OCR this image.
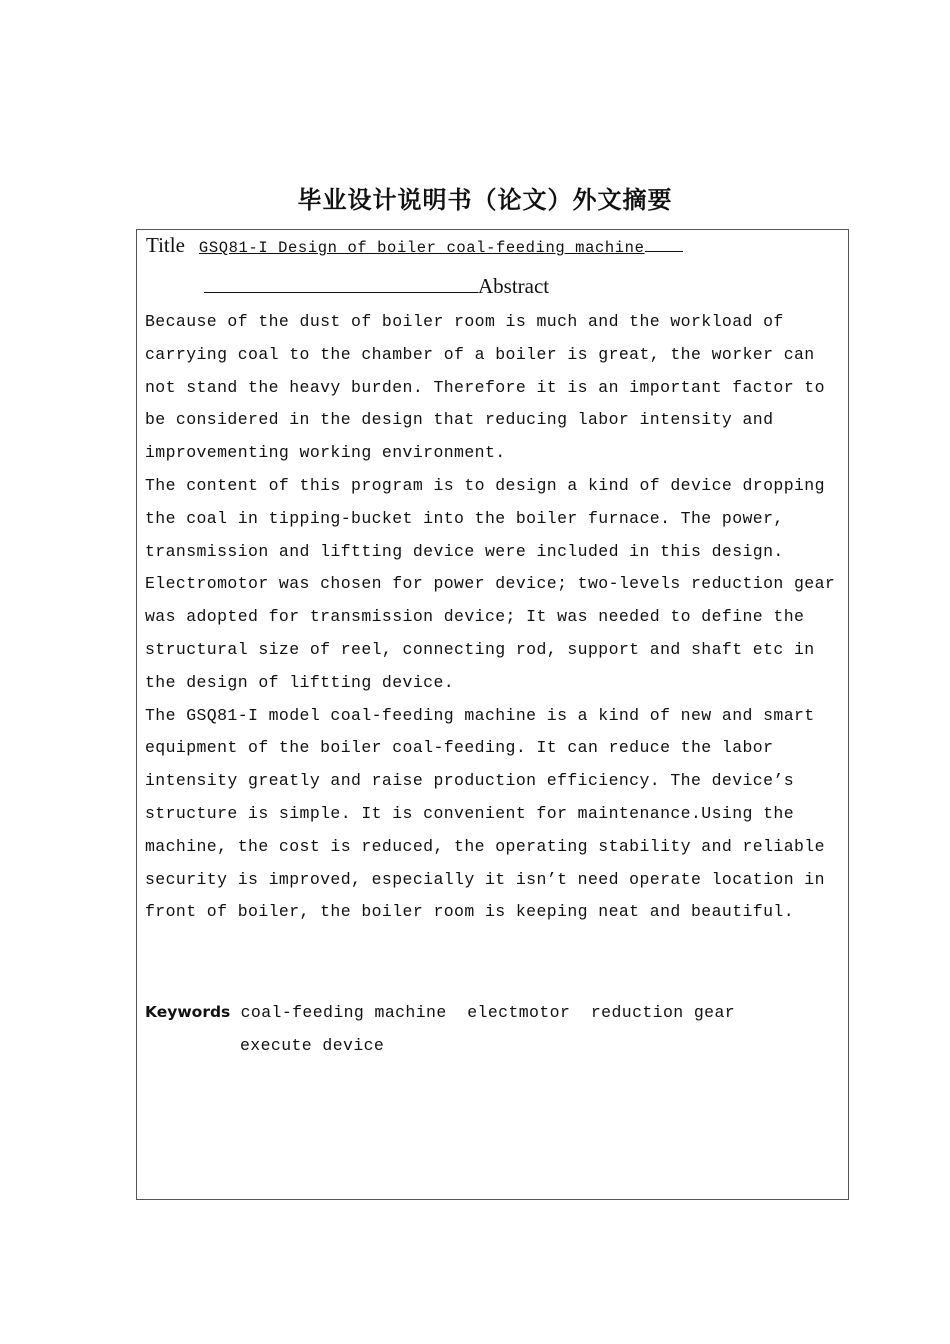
毕业设计说明书（论文）外文摘要
Title GSQ81-I Design of boiler coal-feeding machine
Abstract

Because of the dust of boiler room is much and the workload of

carrying coal to the chamber of a boiler is great, the worker can

not stand the heavy burden. Therefore it is an important factor to

be considered in the design that reducing labor intensity and

improvementing working environment.

The content of this program is to design a kind of device dropping

the coal in tipping-bucket into the boiler furnace. The power,

transmission and liftting device were included in this design.

Electromotor was chosen for power device; two-levels reduction gear

was adopted for transmission device; It was needed to define the

structural size of reel, connecting rod, support and shaft etc in

the design of liftting device.

The GSQ81-I model coal-feeding machine is a kind of new and smart

equipment of the boiler coal-feeding. It can reduce the labor

intensity greatly and raise production efficiency. The device’s

structure is simple. It is convenient for maintenance.Using the

machine, the cost is reduced, the operating stability and reliable

security is improved, especially it isn’t need operate location in

front of boiler, the boiler room is keeping neat and beautiful.

Keywords coal-feeding machine  electmotor  reduction gear
execute device
